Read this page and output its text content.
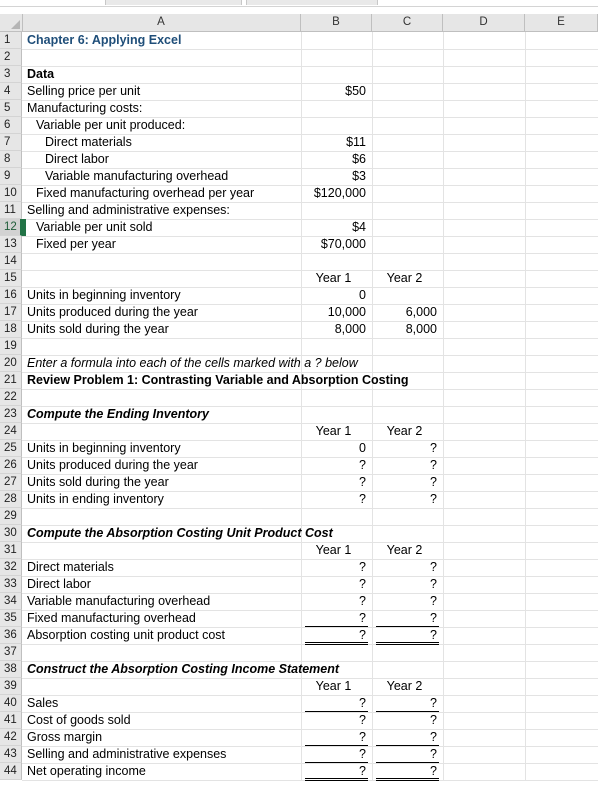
A	B	C	D	E
1	Chapter 6: Applying Excel
2
3	Data
4	Selling price per unit	$50
5	Manufacturing costs:
6	Variable per unit produced:
7	Direct materials	$11
8	Direct labor	$6
9	Variable manufacturing overhead	$3
10	Fixed manufacturing overhead per year	$120,000
11 Selling and administrative expenses:
12	Variable per unit sold	$4
13	Fixed per year	$70,000
14
15	Year 1	Year 2
16 Units in beginning inventory	0
17 Units produced during the year	10,000	6,000
18 Units sold during the year	8,000	8,000
19
20 Enter a formula into each of the cells marked with a ? below
21 Review Problem 1: Contrasting Variable and Absorption Costing
22
23 Compute the Ending Inventory
24	Year 1	Year 2
25 Units in beginning inventory	0	?
26 Units produced during the year	?	?
27 Units sold during the year	?	?
28 Units in ending inventory	?	?
29
30 Compute the Absorption Costing Unit Product Cost
31	Year 1	Year 2
32 Direct materials	?	?
33 Direct labor	?	?
34 Variable manufacturing overhead	?	?
35 Fixed manufacturing overhead	?	?
36 Absorption costing unit product cost	?	?
37
38 Construct the Absorption Costing Income Statement
39	Year 1	Year 2
40 Sales	?	?
41 Cost of goods sold	?	?
42 Gross margin	?	?
43 Selling and administrative expenses	?	?
44 Net operating income	?	?
